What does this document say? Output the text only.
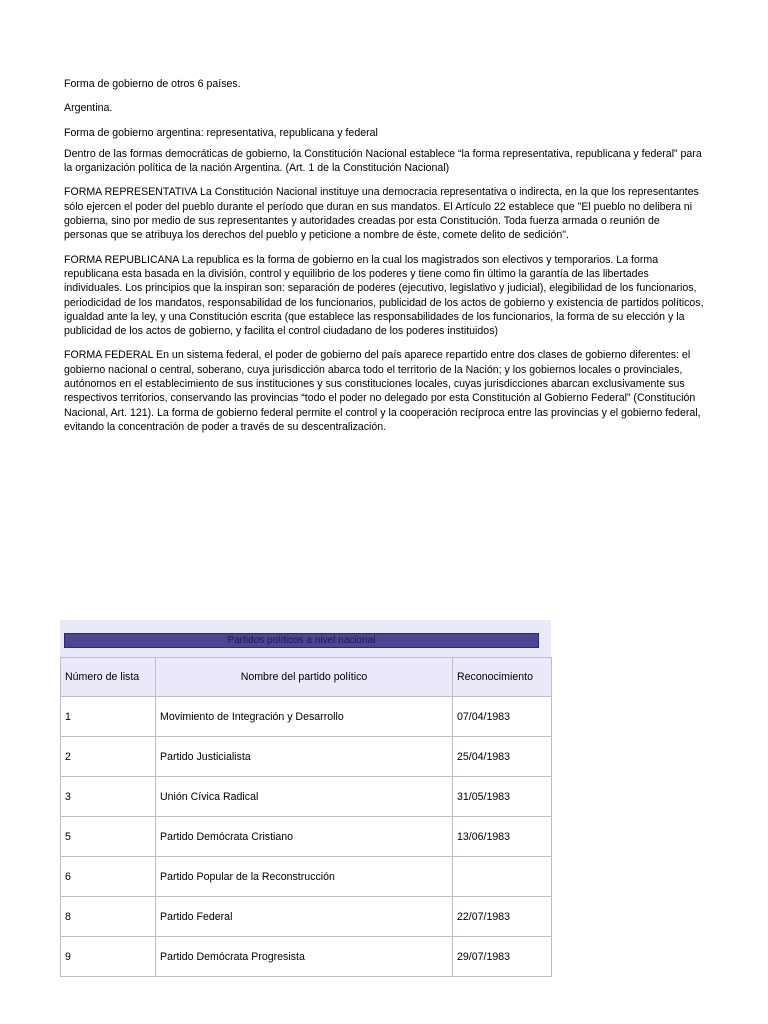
Forma de gobierno de otros 6 países.

Argentina.

Forma de gobierno argentina: representativa, republicana y federal

Dentro de las formas democráticas de gobierno, la Constitución Nacional establece “la forma representativa, republicana y federal” para la organización política de la nación Argentina. (Art. 1 de la Constitución Nacional)

FORMA REPRESENTATIVA La Constitución Nacional instituye una democracia representativa o indirecta, en la que los representantes sólo ejercen el poder del pueblo durante el período que duran en sus mandatos. El Artículo 22 establece que "El pueblo no delibera ni gobierna, sino por medio de sus representantes y autoridades creadas por esta Constitución. Toda fuerza armada o reunión de personas que se atribuya los derechos del pueblo y peticione a nombre de éste, comete delito de sedición".

FORMA REPUBLICANA La republica es la forma de gobierno en la cual los magistrados son electivos y temporarios. La forma republicana esta basada en la división, control y equilibrio de los poderes y tiene como fin último la garantía de las libertades individuales. Los principios que la inspiran son: separación de poderes (ejecutivo, legislativo y judicial), elegibilidad de los funcionarios, periodicidad de los mandatos, responsabilidad de los funcionarios, publicidad de los actos de gobierno y existencia de partidos políticos, igualdad ante la ley, y una Constitución escrita (que establece las responsabilidades de los funcionarios, la forma de su elección y la publicidad de los actos de gobierno, y facilita el control ciudadano de los poderes instituidos)

FORMA FEDERAL En un sistema federal, el poder de gobierno del país aparece repartido entre dos clases de gobierno diferentes: el gobierno nacional o central, soberano, cuya jurisdicción abarca todo el territorio de la Nación; y los gobiernos locales o provinciales, autónomos en el establecimiento de sus instituciones y sus constituciones locales, cuyas jurisdicciones abarcan exclusivamente sus respectivos territorios, conservando las provincias “todo el poder no delegado por esta Constitución al Gobierno Federal” (Constitución Nacional, Art. 121). La forma de gobierno federal permite el control y la cooperación recíproca entre las provincias y el gobierno federal, evitando la concentración de poder a través de su descentralización.

Partidos políticos a nivel nacional
Número de lista	Nombre del partido político	Reconocimiento
1	Movimiento de Integración y Desarrollo	07/04/1983
2	Partido Justicialista	25/04/1983
3	Unión Cívica Radical	31/05/1983
5	Partido Demócrata Cristiano	13/06/1983
6	Partido Popular de la Reconstrucción	
8	Partido Federal	22/07/1983
9	Partido Demócrata Progresista	29/07/1983
